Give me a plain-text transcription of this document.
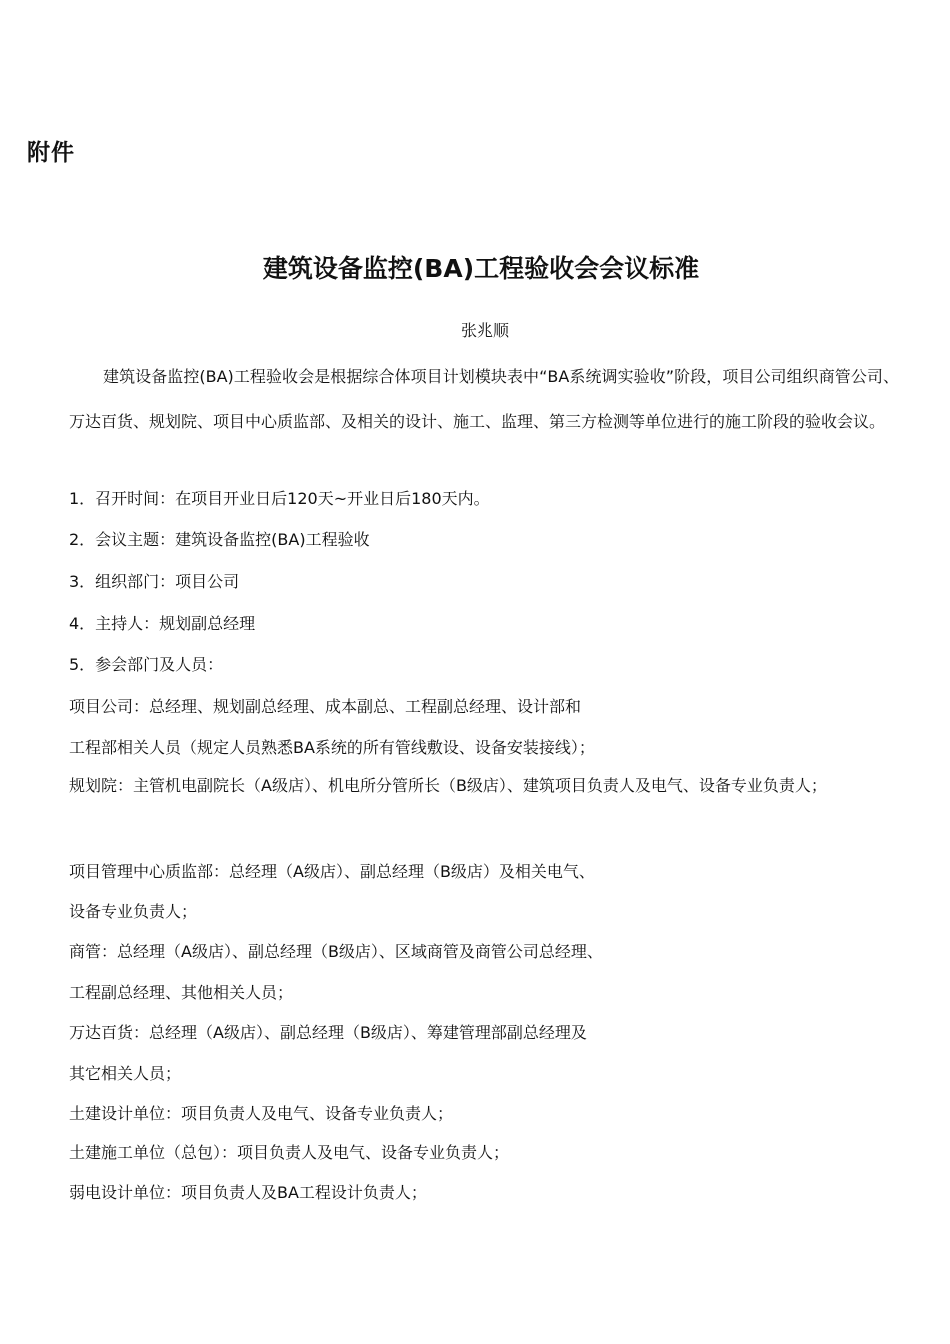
附件
建筑设备监控(BA)工程验收会会议标准
张兆顺
建筑设备监控(BA)工程验收会是根据综合体项目计划模块表中“BA系统调实验收”阶段，项目公司组织商管公司、万达百货、规划院、项目中心质监部、及相关的设计、施工、监理、第三方检测等单位进行的施工阶段的验收会议。
1．召开时间：在项目开业日后120天~开业日后180天内。
2．会议主题：建筑设备监控(BA)工程验收
3．组织部门：项目公司
4．主持人：规划副总经理
5．参会部门及人员：
项目公司：总经理、规划副总经理、成本副总、工程副总经理、设计部和
工程部相关人员（规定人员熟悉BA系统的所有管线敷设、设备安装接线）；
规划院：主管机电副院长（A级店）、机电所分管所长（B级店）、建筑项目负责人及电气、设备专业负责人；
项目管理中心质监部：总经理（A级店）、副总经理（B级店）及相关电气、
设备专业负责人；
商管：总经理（A级店）、副总经理（B级店）、区域商管及商管公司总经理、
工程副总经理、其他相关人员；
万达百货：总经理（A级店）、副总经理（B级店）、筹建管理部副总经理及
其它相关人员；
土建设计单位：项目负责人及电气、设备专业负责人；
土建施工单位（总包）：项目负责人及电气、设备专业负责人；
弱电设计单位：项目负责人及BA工程设计负责人；
